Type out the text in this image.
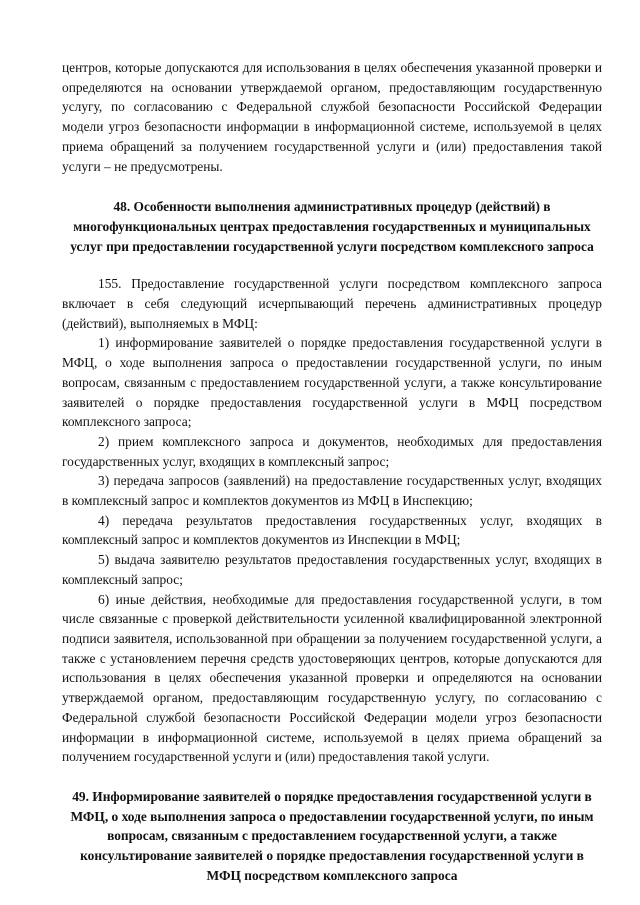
центров, которые допускаются для использования в целях обеспечения указанной проверки и определяются на основании утверждаемой органом, предоставляющим государственную услугу, по согласованию с Федеральной службой безопасности Российской Федерации модели угроз безопасности информации в информационной системе, используемой в целях приема обращений за получением государственной услуги и (или) предоставления такой услуги – не предусмотрены.

48. Особенности выполнения административных процедур (действий) в многофункциональных центрах предоставления государственных и муниципальных услуг при предоставлении государственной услуги посредством комплексного запроса

155. Предоставление государственной услуги посредством комплексного запроса включает в себя следующий исчерпывающий перечень административных процедур (действий), выполняемых в МФЦ:

1) информирование заявителей о порядке предоставления государственной услуги в МФЦ, о ходе выполнения запроса о предоставлении государственной услуги, по иным вопросам, связанным с предоставлением государственной услуги, а также консультирование заявителей о порядке предоставления государственной услуги в МФЦ посредством комплексного запроса;

2) прием комплексного запроса и документов, необходимых для предоставления государственных услуг, входящих в комплексный запрос;

3) передача запросов (заявлений) на предоставление государственных услуг, входящих в комплексный запрос и комплектов документов из МФЦ в Инспекцию;

4) передача результатов предоставления государственных услуг, входящих в комплексный запрос и комплектов документов из Инспекции в МФЦ;

5) выдача заявителю результатов предоставления государственных услуг, входящих в комплексный запрос;

6) иные действия, необходимые для предоставления государственной услуги, в том числе связанные с проверкой действительности усиленной квалифицированной электронной подписи заявителя, использованной при обращении за получением государственной услуги, а также с установлением перечня средств удостоверяющих центров, которые допускаются для использования в целях обеспечения указанной проверки и определяются на основании утверждаемой органом, предоставляющим государственную услугу, по согласованию с Федеральной службой безопасности Российской Федерации модели угроз безопасности информации в информационной системе, используемой в целях приема обращений за получением государственной услуги и (или) предоставления такой услуги.

49. Информирование заявителей о порядке предоставления государственной услуги в МФЦ, о ходе выполнения запроса о предоставлении государственной услуги, по иным вопросам, связанным с предоставлением государственной услуги, а также консультирование заявителей о порядке предоставления государственной услуги в МФЦ посредством комплексного запроса
